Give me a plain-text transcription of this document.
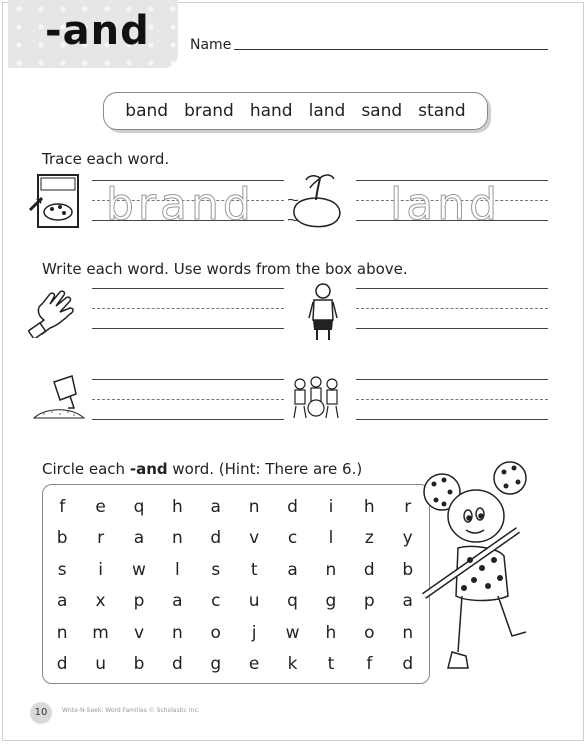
-and	Name
band brand hand land sand stand
Trace each word.
brand	land
Write each word. Use words from the box above.
Circle each -and word. (Hint: There are 6.)
f	e	q	h	a	n	d	i	h	r
b	r	a	n	d	v	c	l	z	y
s	i	w	l	s	t	a	n	d	b
a	x	p	a	c	u	q	g	p	a
n	m	v	n	o	j	w	h	o	n
d	u	b	d	g	e	k	t	f	d
10	Write-N-Seek: Word Families © Scholastic Inc.
